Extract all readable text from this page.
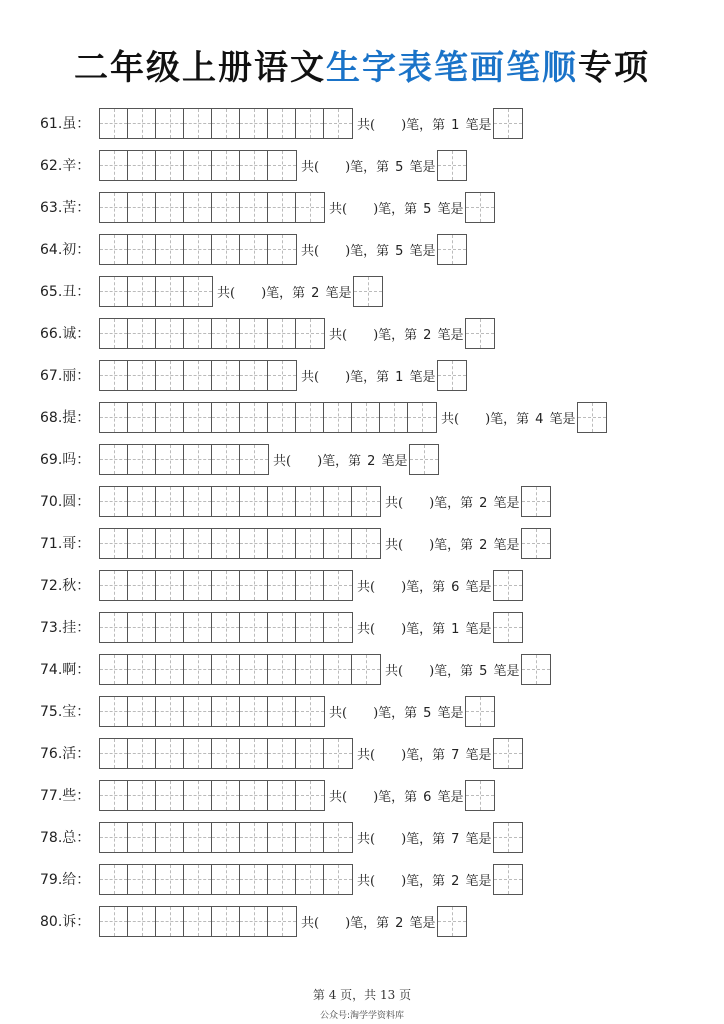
二年级上册语文生字表笔画笔顺专项
61.虽：	共( )笔，第 1 笔是
62.辛：	共( )笔，第 5 笔是
63.苦：	共( )笔，第 5 笔是
64.初：	共( )笔，第 5 笔是
65.丑：	共( )笔，第 2 笔是
66.诚：	共( )笔，第 2 笔是
67.丽：	共( )笔，第 1 笔是
68.提：	共( )笔，第 4 笔是
69.吗：	共( )笔，第 2 笔是
70.圆：	共( )笔，第 2 笔是
71.哥：	共( )笔，第 2 笔是
72.秋：	共( )笔，第 6 笔是
73.挂：	共( )笔，第 1 笔是
74.啊：	共( )笔，第 5 笔是
75.宝：	共( )笔，第 5 笔是
76.活：	共( )笔，第 7 笔是
77.些：	共( )笔，第 6 笔是
78.总：	共( )笔，第 7 笔是
79.给：	共( )笔，第 2 笔是
80.诉：	共( )笔，第 2 笔是
第 4 页，共 13 页
公众号:淘学学资料库
